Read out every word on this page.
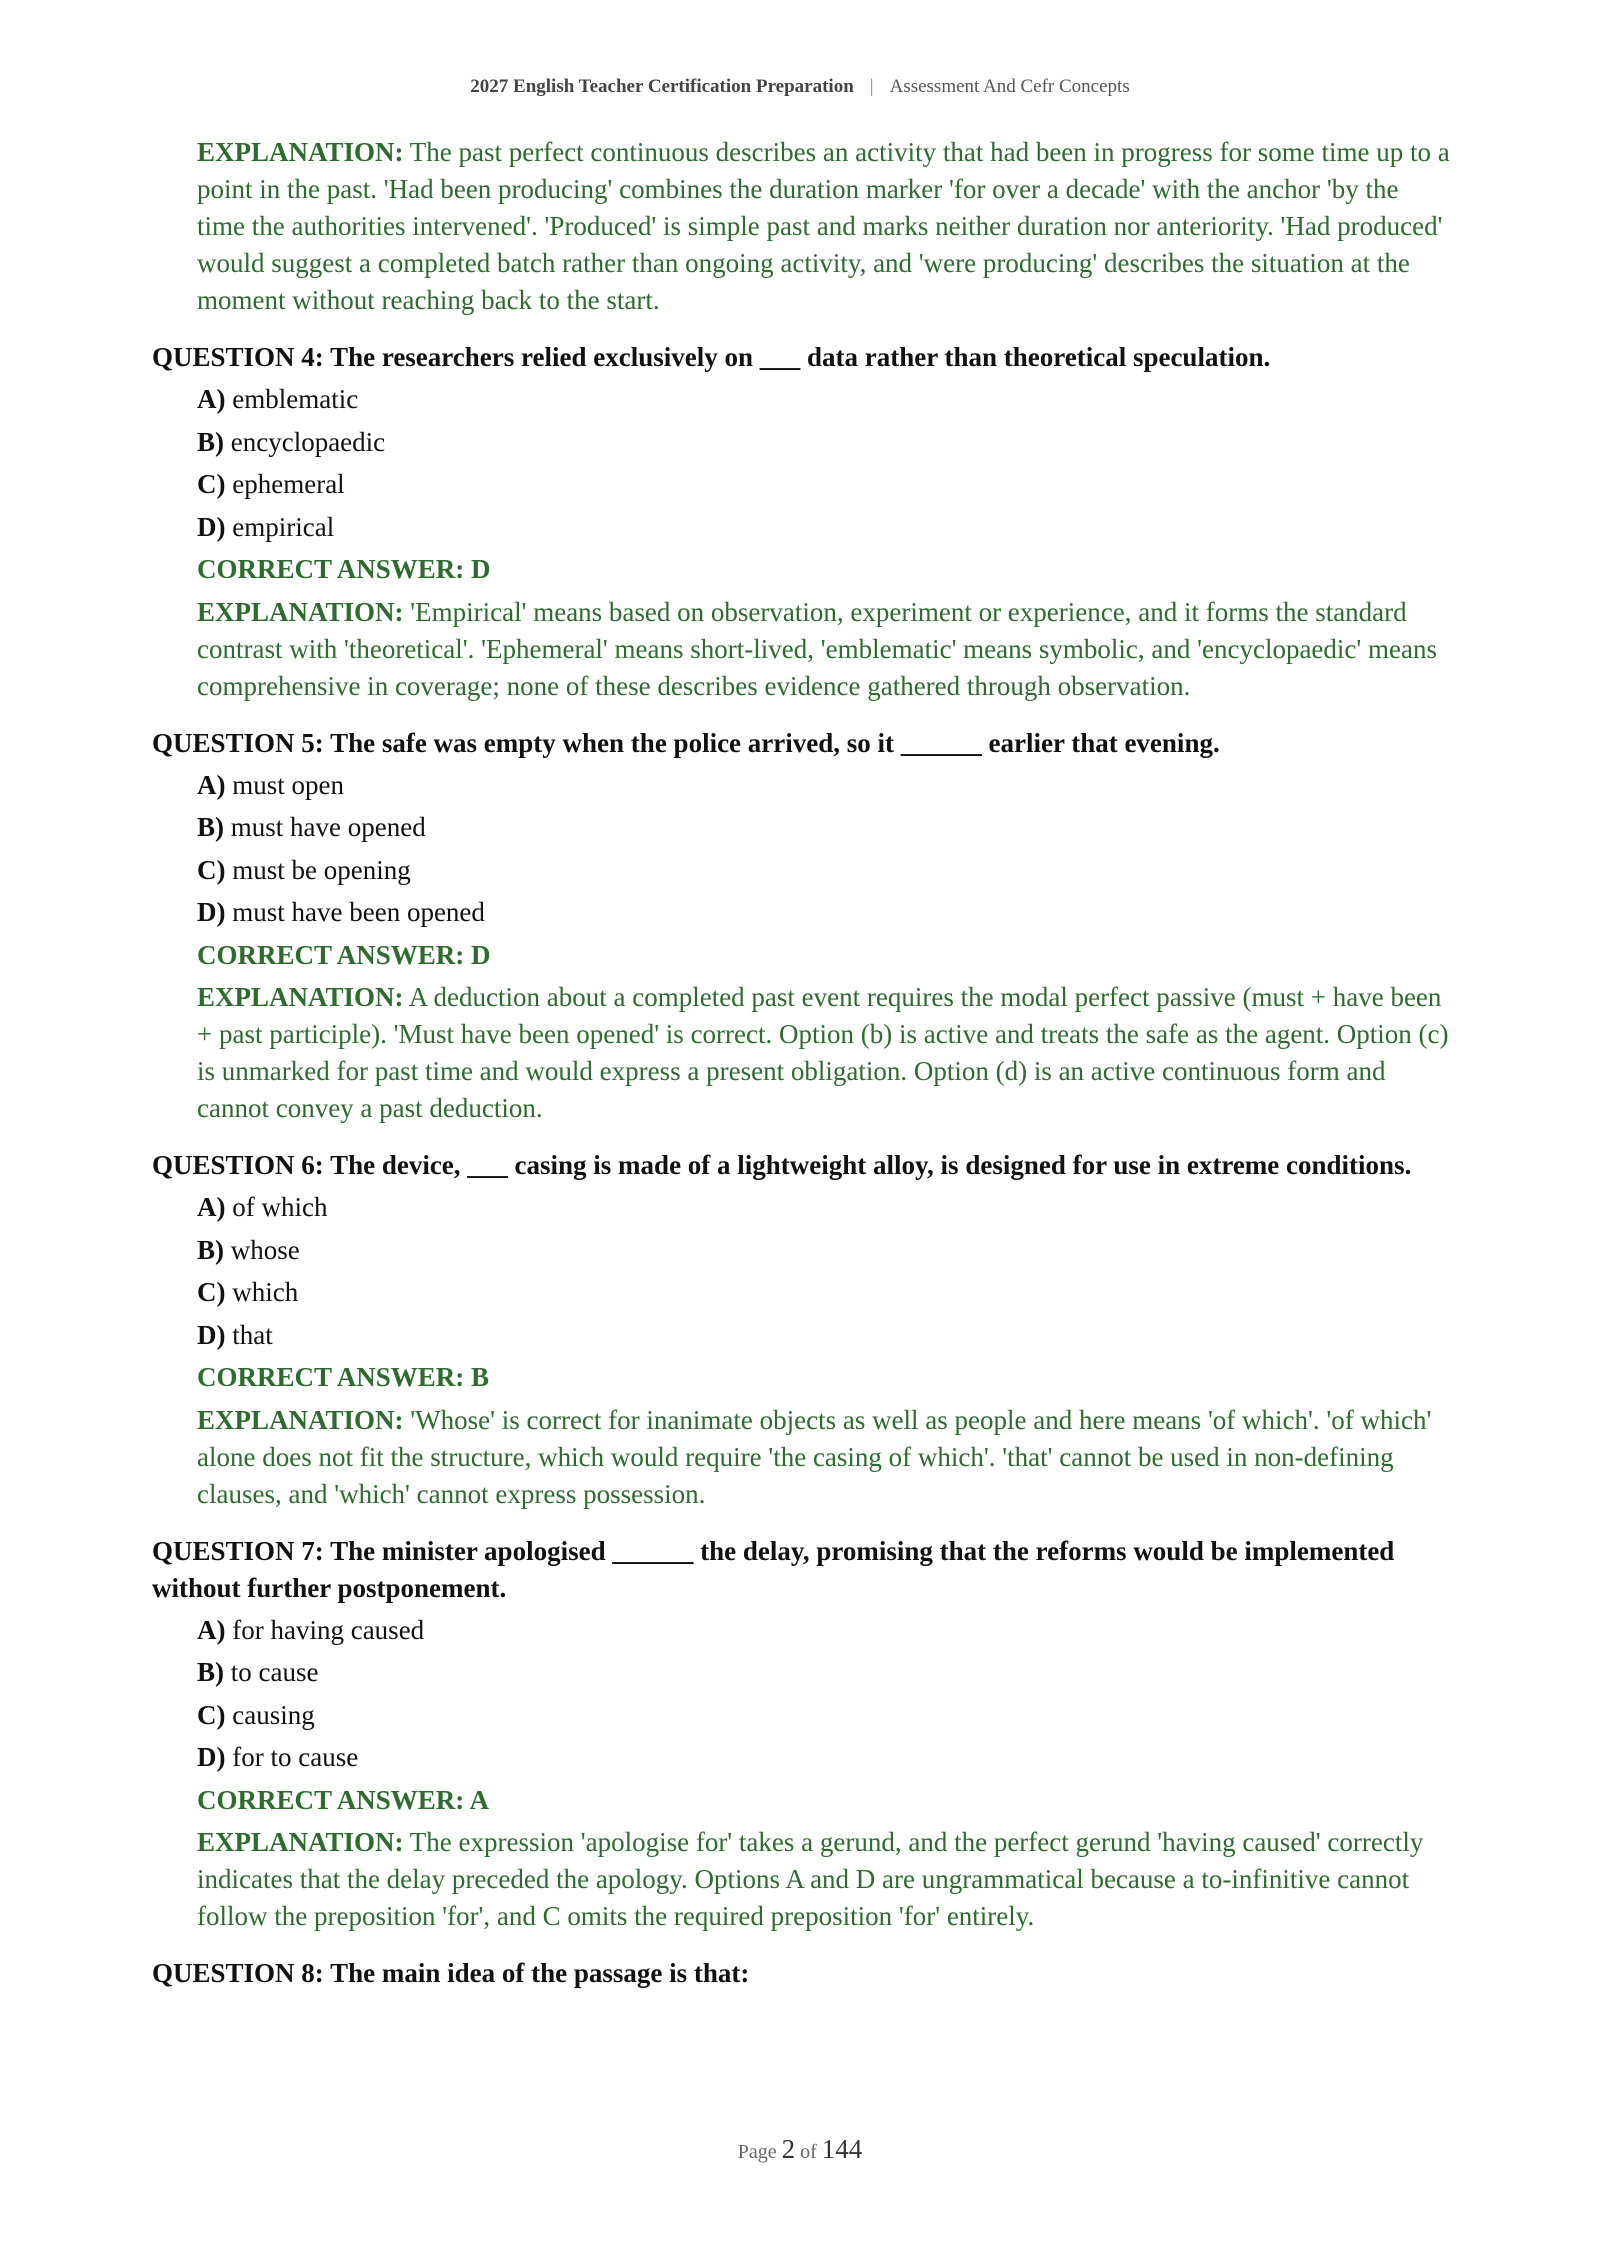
2027 English Teacher Certification Preparation | Assessment And Cefr Concepts
EXPLANATION: The past perfect continuous describes an activity that had been in progress for some time up to a point in the past. 'Had been producing' combines the duration marker 'for over a decade' with the anchor 'by the time the authorities intervened'. 'Produced' is simple past and marks neither duration nor anteriority. 'Had produced' would suggest a completed batch rather than ongoing activity, and 'were producing' describes the situation at the moment without reaching back to the start.
QUESTION 4: The researchers relied exclusively on ___ data rather than theoretical speculation.
A) emblematic
B) encyclopaedic
C) ephemeral
D) empirical
CORRECT ANSWER: D
EXPLANATION: 'Empirical' means based on observation, experiment or experience, and it forms the standard contrast with 'theoretical'. 'Ephemeral' means short-lived, 'emblematic' means symbolic, and 'encyclopaedic' means comprehensive in coverage; none of these describes evidence gathered through observation.
QUESTION 5: The safe was empty when the police arrived, so it ______ earlier that evening.
A) must open
B) must have opened
C) must be opening
D) must have been opened
CORRECT ANSWER: D
EXPLANATION: A deduction about a completed past event requires the modal perfect passive (must + have been + past participle). 'Must have been opened' is correct. Option (b) is active and treats the safe as the agent. Option (c) is unmarked for past time and would express a present obligation. Option (d) is an active continuous form and cannot convey a past deduction.
QUESTION 6: The device, ___ casing is made of a lightweight alloy, is designed for use in extreme conditions.
A) of which
B) whose
C) which
D) that
CORRECT ANSWER: B
EXPLANATION: 'Whose' is correct for inanimate objects as well as people and here means 'of which'. 'of which' alone does not fit the structure, which would require 'the casing of which'. 'that' cannot be used in non-defining clauses, and 'which' cannot express possession.
QUESTION 7: The minister apologised ______ the delay, promising that the reforms would be implemented without further postponement.
A) for having caused
B) to cause
C) causing
D) for to cause
CORRECT ANSWER: A
EXPLANATION: The expression 'apologise for' takes a gerund, and the perfect gerund 'having caused' correctly indicates that the delay preceded the apology. Options A and D are ungrammatical because a to-infinitive cannot follow the preposition 'for', and C omits the required preposition 'for' entirely.
QUESTION 8: The main idea of the passage is that:
Page 2 of 144
